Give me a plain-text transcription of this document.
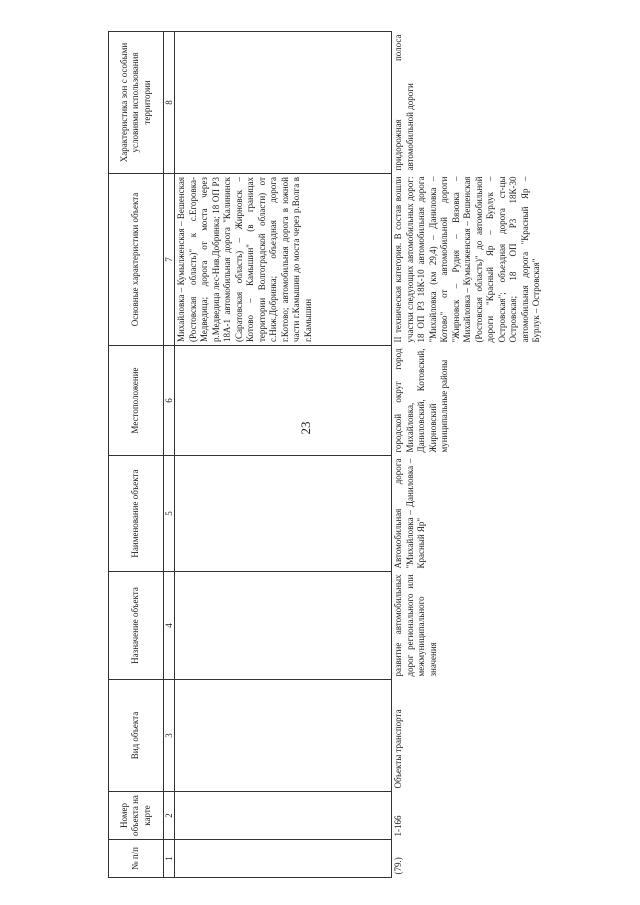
23
№ п/п	Номер объекта на карте	Вид объекта	Назначение объекта	Наименование объекта	Местоположение	Основные характеристики объекта	Характеристика зон с особыми условиями использования территории
1	2	3	4	5	6	7	8
						Михайловка – Кумылженская – Вешенская (Ростовская область)" к с.Егоровка-Медведица; дорога от моста через р.Медведица лес-Нив.Добринка; 18 ОП Р3 18А-1 автомобильная дорога "Калининск (Саратовская область) – Жирновск – Котово – Камышин" (в границах территории Волгоградской области) от с.Ниж.Добринка; объездная дорога г.Котово; автомобильная дорога в южной части г.Камышин до моста через р.Волга в г.Камышин	
(79.)	1-166	Объекты транспорта	развитие автомобильных дорог регионального или межмуниципального значения	Автомобильная дорога "Михайловка – Даниловка – Красный Яр"	городской округ город Михайловка, Даниловский, Котовский, Жирновский муниципальные районы	II техническая категория. В состав вошли участки следующих автомобильных дорог: 18 ОП Р3 18К-10 автомобильная дорога "Михайловка (км 29,4) – Даниловка – Котово" от автомобильной дороги "Жирновск – Рудня – Вязовка – Михайловка – Кумылженская – Вешенская (Ростовская область)" до автомобильной дороги "Красный Яр – Бурлук – Островская"; объездная дорога ст-цы Островская; 18 ОП Р3 18К-30 автомобильная дорога "Красный Яр – Бурлук – Островская"	придорожная полоса автомобильной дороги
